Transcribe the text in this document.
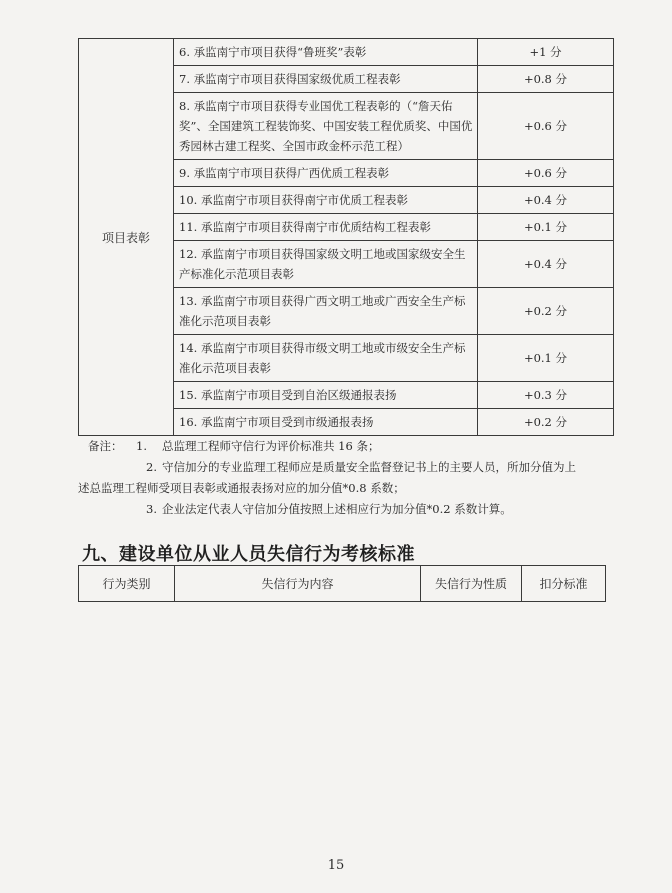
项目表彰	6. 承监南宁市项目获得“鲁班奖”表彰	+1 分
	7. 承监南宁市项目获得国家级优质工程表彰	+0.8 分
	8. 承监南宁市项目获得专业国优工程表彰的（“詹天佑奖”、全国建筑工程装饰奖、中国安装工程优质奖、中国优秀园林古建工程奖、全国市政金杯示范工程）	+0.6 分
	9. 承监南宁市项目获得广西优质工程表彰	+0.6 分
	10. 承监南宁市项目获得南宁市优质工程表彰	+0.4 分
	11. 承监南宁市项目获得南宁市优质结构工程表彰	+0.1 分
	12. 承监南宁市项目获得国家级文明工地或国家级安全生产标准化示范项目表彰	+0.4 分
	13. 承监南宁市项目获得广西文明工地或广西安全生产标准化示范项目表彰	+0.2 分
	14. 承监南宁市项目获得市级文明工地或市级安全生产标准化示范项目表彰	+0.1 分
	15. 承监南宁市项目受到自治区级通报表扬	+0.3 分
	16. 承监南宁市项目受到市级通报表扬	+0.2 分
备注： 1. 总监理工程师守信行为评价标准共 16 条；
2. 守信加分的专业监理工程师应是质量安全监督登记书上的主要人员，所加分值为上
述总监理工程师受项目表彰或通报表扬对应的加分值*0.8 系数；
3. 企业法定代表人守信加分值按照上述相应行为加分值*0.2 系数计算。
九、建设单位从业人员失信行为考核标准
行为类别	失信行为内容	失信行为性质	扣分标准
15
